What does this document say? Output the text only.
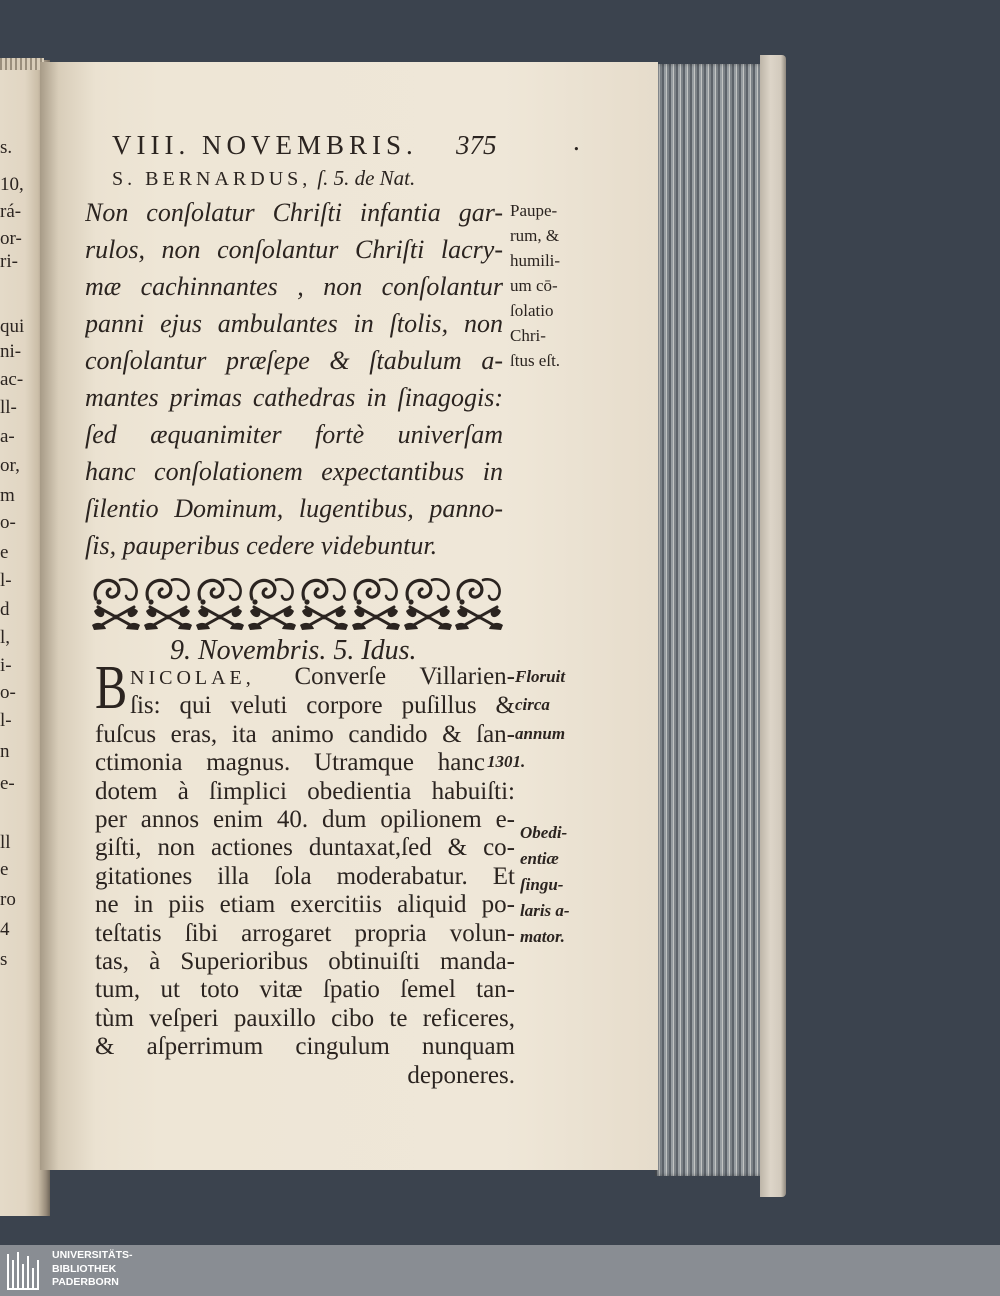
s.
10,
rá-
or-
ri-
qui
ni-
ac-
ll-
a-
or,
m
o-
e
l-
d
l,
i-
o-
l-
n
e-
ll
e
ro
4
s
VIII. NOVEMBRIS. 375	.
S. BERNARDUS, ſ. 5. de Nat.
Non conſolatur Chriſti infantia gar-
rulos, non conſolantur Chriſti lacry-
mæ cachinnantes , non conſolantur
panni ejus ambulantes in ſtolis, non
conſolantur præſepe & ſtabulum a-
mantes primas cathedras in ſinagogis:
ſed æquanimiter fortè univerſam
hanc conſolationem expectantibus in
ſilentio Dominum, lugentibus, panno-
ſis, pauperibus cedere videbuntur.
Paupe-
rum, &
humili-
um cō-
ſolatio
Chri-
ſtus eſt.
9. Novembris. 5. Idus.
B NICOLAE, Converſe Villarien-
ſis: qui veluti corpore puſillus &
fuſcus eras, ita animo candido & ſan-
ctimonia magnus. Utramque hanc
dotem à ſimplici obedientia habuiſti:
per annos enim 40. dum opilionem e-
giſti, non actiones duntaxat,ſed & co-
gitationes illa ſola moderabatur. Et
ne in piis etiam exercitiis aliquid po-
teſtatis ſibi arrogaret propria volun-
tas, à Superioribus obtinuiſti manda-
tum, ut toto vitæ ſpatio ſemel tan-
tùm veſperi pauxillo cibo te reficeres,
& aſperrimum cingulum nunquam
deponeres.
Floruit
circa
annum
1301.
Obedi-
entiæ
ſingu-
laris a-
mator.
UNIVERSITÄTS-
BIBLIOTHEK
PADERBORN
